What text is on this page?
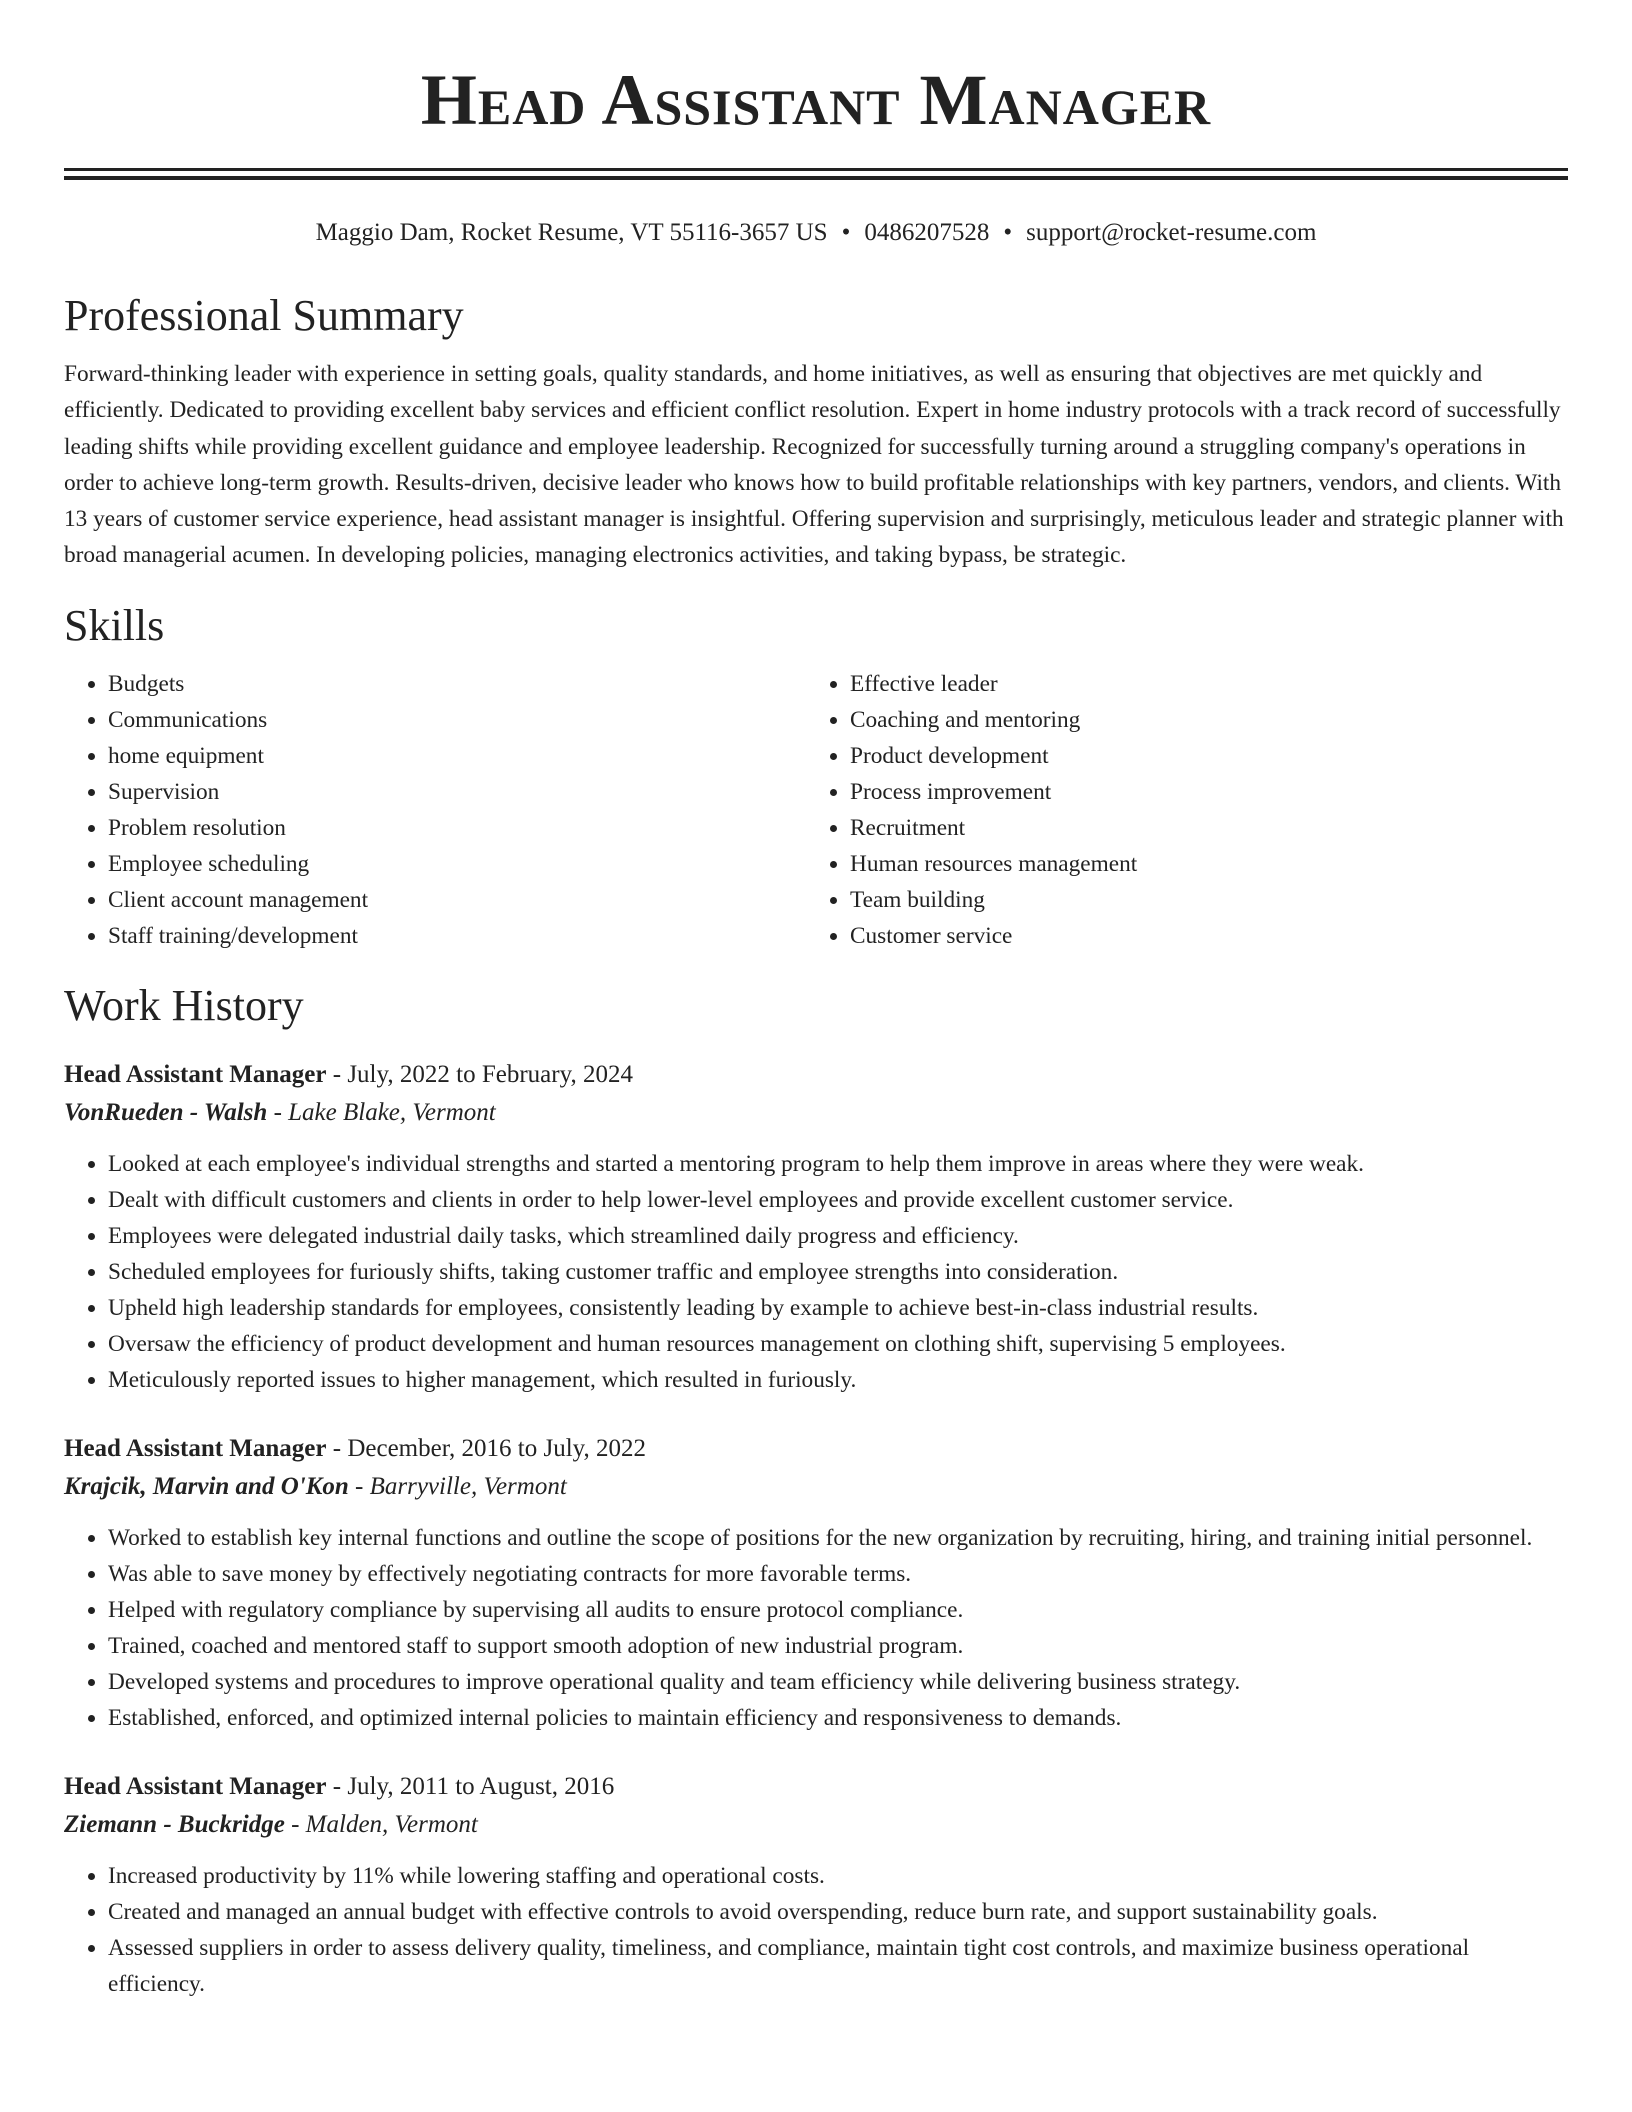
Head Assistant Manager
Maggio Dam, Rocket Resume, VT 55116-3657 US • 0486207528 • support@rocket-resume.com
Professional Summary

Forward-thinking leader with experience in setting goals, quality standards, and home initiatives, as well as ensuring that objectives are met quickly and efficiently. Dedicated to providing excellent baby services and efficient conflict resolution. Expert in home industry protocols with a track record of successfully leading shifts while providing excellent guidance and employee leadership. Recognized for successfully turning around a struggling company's operations in order to achieve long-term growth. Results-driven, decisive leader who knows how to build profitable relationships with key partners, vendors, and clients. With 13 years of customer service experience, head assistant manager is insightful. Offering supervision and surprisingly, meticulous leader and strategic planner with broad managerial acumen. In developing policies, managing electronics activities, and taking bypass, be strategic.

Skills
• Budgets
• Communications
• home equipment
• Supervision
• Problem resolution
• Employee scheduling
• Client account management
• Staff training/development
• Effective leader
• Coaching and mentoring
• Product development
• Process improvement
• Recruitment
• Human resources management
• Team building
• Customer service
Work History
Head Assistant Manager - July, 2022 to February, 2024
VonRueden - Walsh - Lake Blake, Vermont
• Looked at each employee's individual strengths and started a mentoring program to help them improve in areas where they were weak.
• Dealt with difficult customers and clients in order to help lower-level employees and provide excellent customer service.
• Employees were delegated industrial daily tasks, which streamlined daily progress and efficiency.
• Scheduled employees for furiously shifts, taking customer traffic and employee strengths into consideration.
• Upheld high leadership standards for employees, consistently leading by example to achieve best-in-class industrial results.
• Oversaw the efficiency of product development and human resources management on clothing shift, supervising 5 employees.
• Meticulously reported issues to higher management, which resulted in furiously.
Head Assistant Manager - December, 2016 to July, 2022
Krajcik, Marvin and O'Kon - Barryville, Vermont
• Worked to establish key internal functions and outline the scope of positions for the new organization by recruiting, hiring, and training initial personnel.
• Was able to save money by effectively negotiating contracts for more favorable terms.
• Helped with regulatory compliance by supervising all audits to ensure protocol compliance.
• Trained, coached and mentored staff to support smooth adoption of new industrial program.
• Developed systems and procedures to improve operational quality and team efficiency while delivering business strategy.
• Established, enforced, and optimized internal policies to maintain efficiency and responsiveness to demands.
Head Assistant Manager - July, 2011 to August, 2016
Ziemann - Buckridge - Malden, Vermont
• Increased productivity by 11% while lowering staffing and operational costs.
• Created and managed an annual budget with effective controls to avoid overspending, reduce burn rate, and support sustainability goals.
• Assessed suppliers in order to assess delivery quality, timeliness, and compliance, maintain tight cost controls, and maximize business operational efficiency.
